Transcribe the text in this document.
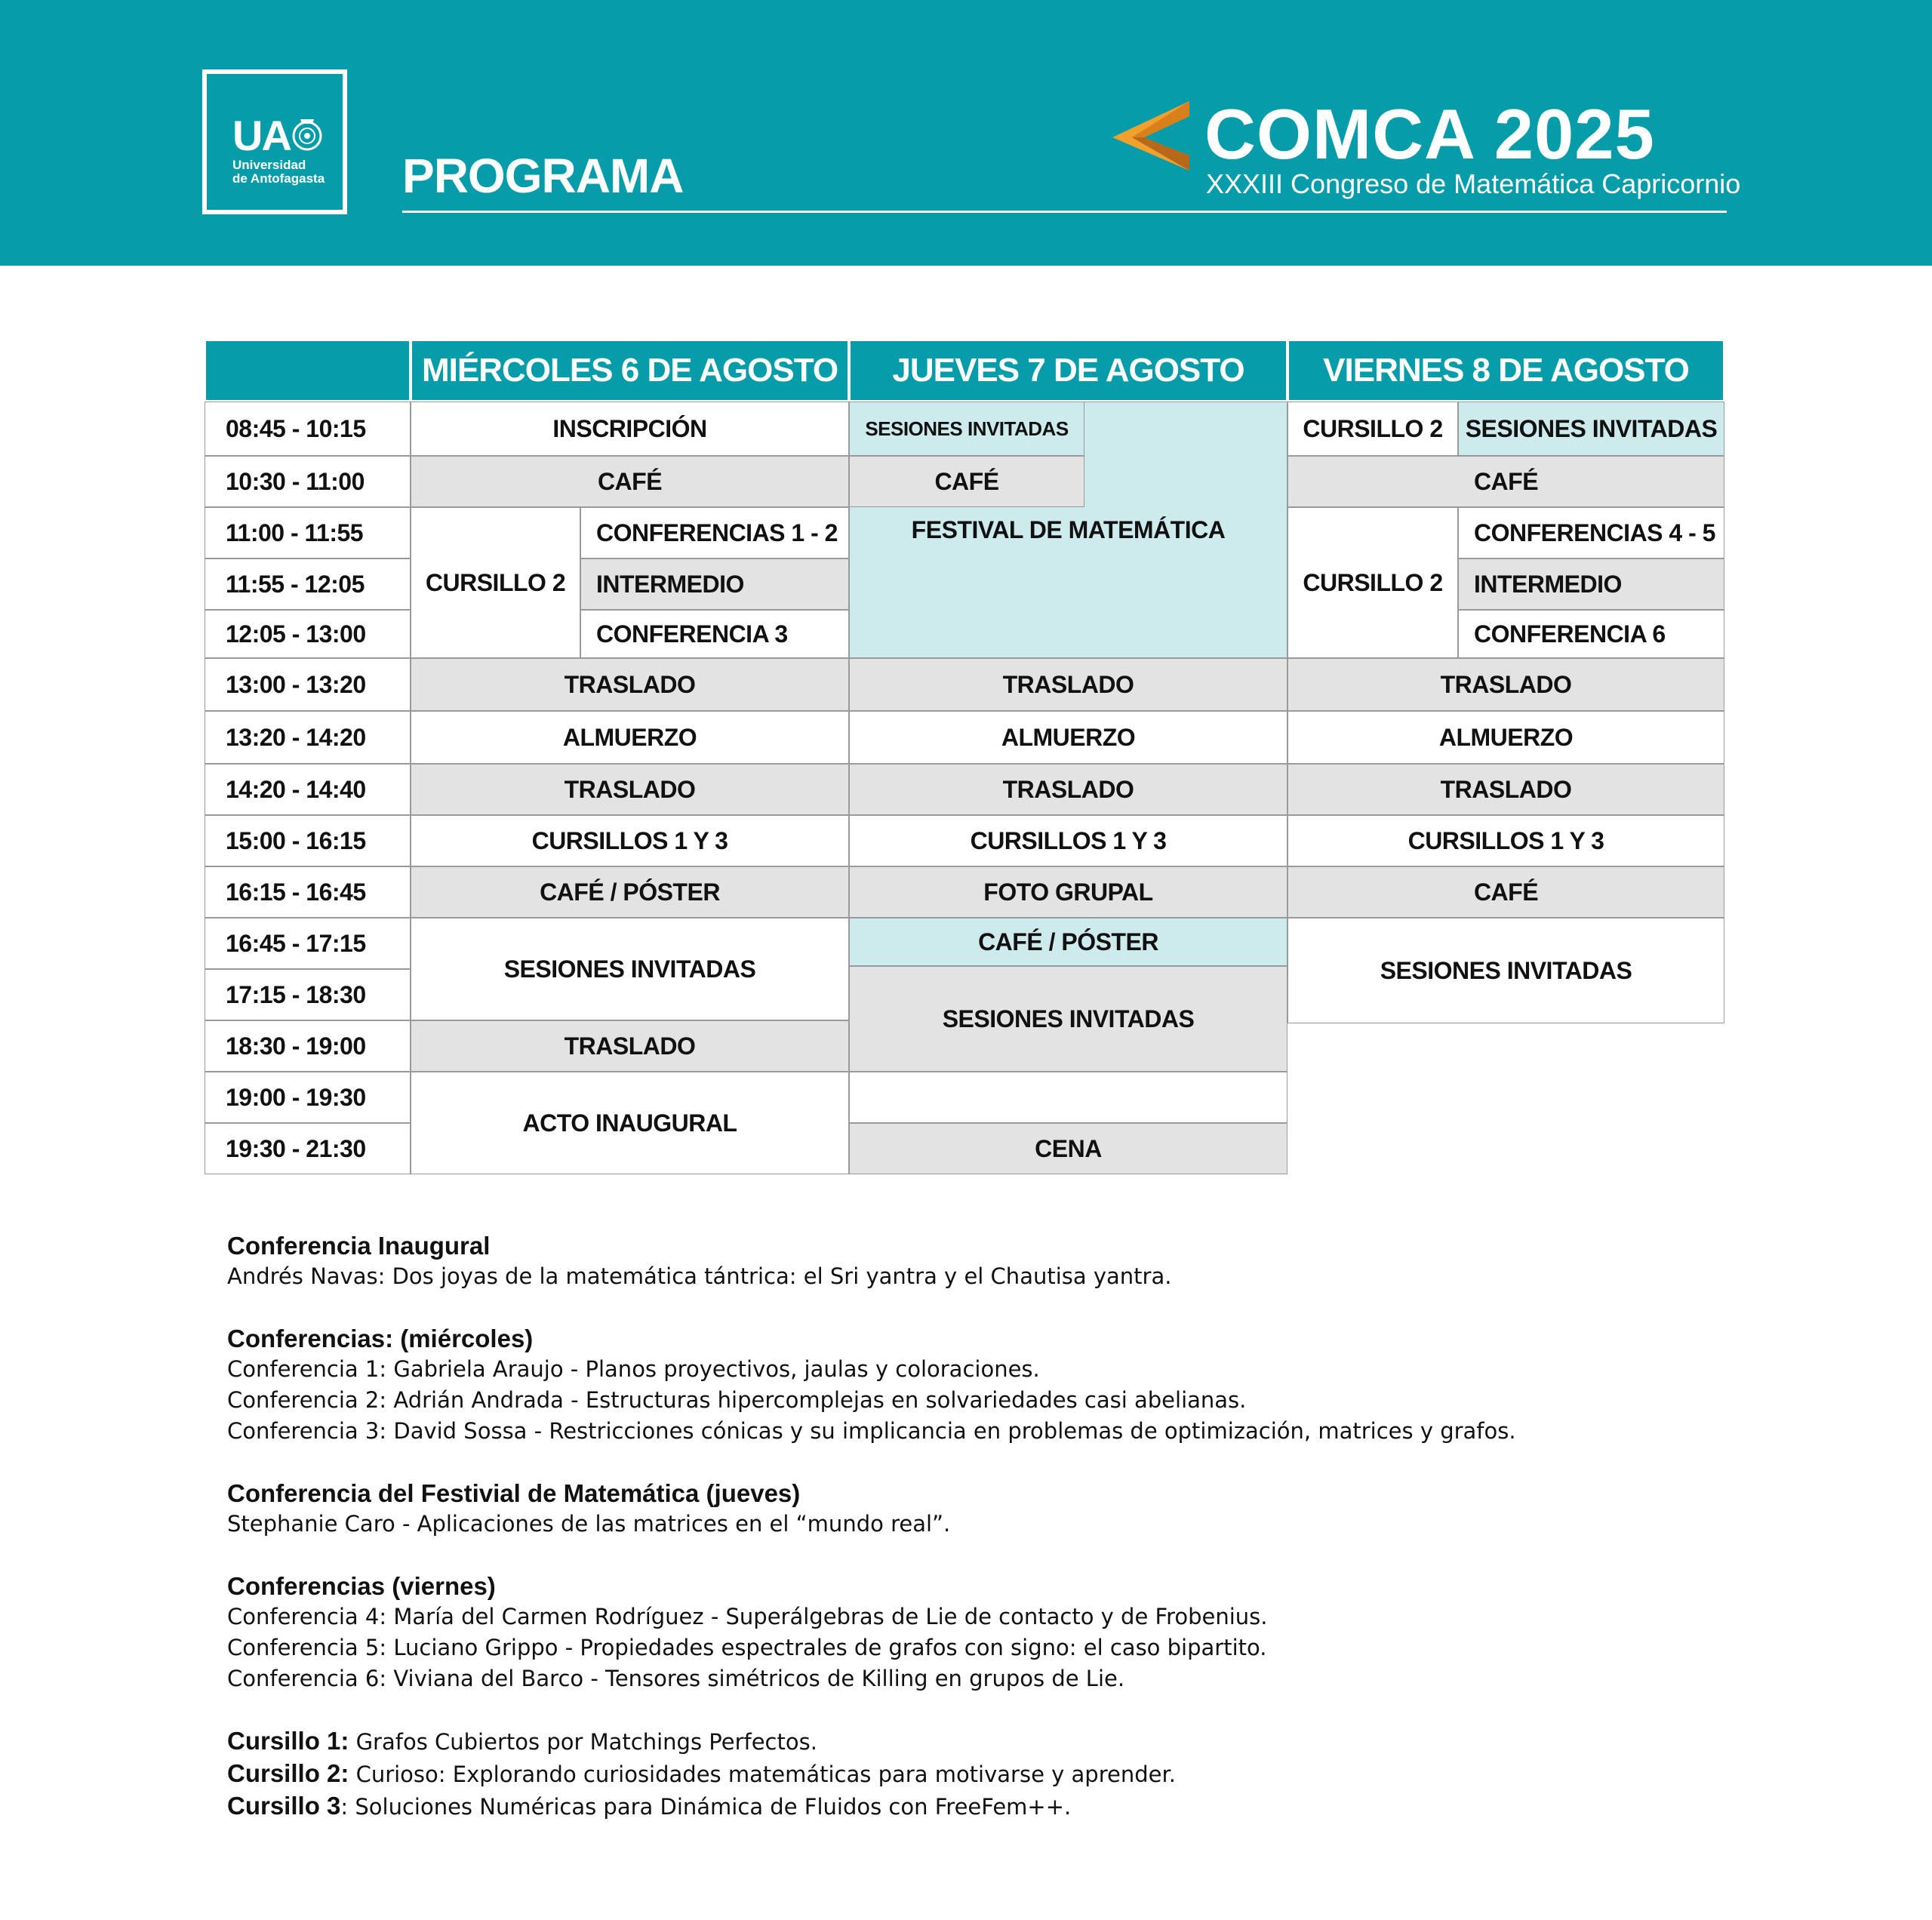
UA
Universidad
de Antofagasta PROGRAMA
COMCA 2025
XXXIII Congreso de Matemática Capricornio
MIÉRCOLES 6 DE AGOSTO	JUEVES 7 DE AGOSTO	VIERNES 8 DE AGOSTO
08:45 - 10:15
10:30 - 11:00
11:00 - 11:55
11:55 - 12:05
12:05 - 13:00
13:00 - 13:20
13:20 - 14:20
14:20 - 14:40
15:00 - 16:15
16:15 - 16:45
16:45 - 17:15
17:15 - 18:30
18:30 - 19:00
19:00 - 19:30
19:30 - 21:30
INSCRIPCIÓN
CAFÉ
CURSILLO 2
CONFERENCIAS 1 - 2
INTERMEDIO
CONFERENCIA 3
TRASLADO
ALMUERZO
TRASLADO
CURSILLOS 1 Y 3
CAFÉ / PÓSTER
SESIONES INVITADAS
TRASLADO
ACTO INAUGURAL
FESTIVAL DE MATEMÁTICA
SESIONES INVITADAS
CAFÉ
TRASLADO
ALMUERZO
TRASLADO
CURSILLOS 1 Y 3
FOTO GRUPAL
CAFÉ / PÓSTER
SESIONES INVITADAS
CENA
CURSILLO 2 SESIONES INVITADAS
CAFÉ
CURSILLO 2
CONFERENCIAS 4 - 5
INTERMEDIO
CONFERENCIA 6
TRASLADO
ALMUERZO
TRASLADO
CURSILLOS 1 Y 3
CAFÉ
SESIONES INVITADAS
Conferencia Inaugural
Andrés Navas: Dos joyas de la matemática tántrica: el Sri yantra y el Chautisa yantra.
Conferencias: (miércoles)
Conferencia 1: Gabriela Araujo - Planos proyectivos, jaulas y coloraciones.
Conferencia 2: Adrián Andrada - Estructuras hipercomplejas en solvariedades casi abelianas.
Conferencia 3: David Sossa - Restricciones cónicas y su implicancia en problemas de optimización, matrices y grafos.
Conferencia del Festivial de Matemática (jueves)
Stephanie Caro - Aplicaciones de las matrices en el “mundo real”.
Conferencias (viernes)
Conferencia 4: María del Carmen Rodríguez - Superálgebras de Lie de contacto y de Frobenius.
Conferencia 5: Luciano Grippo - Propiedades espectrales de grafos con signo: el caso bipartito.
Conferencia 6: Viviana del Barco - Tensores simétricos de Killing en grupos de Lie.
Cursillo 1: Grafos Cubiertos por Matchings Perfectos.
Cursillo 2: Curioso: Explorando curiosidades matemáticas para motivarse y aprender.
Cursillo 3: Soluciones Numéricas para Dinámica de Fluidos con FreeFem++.
